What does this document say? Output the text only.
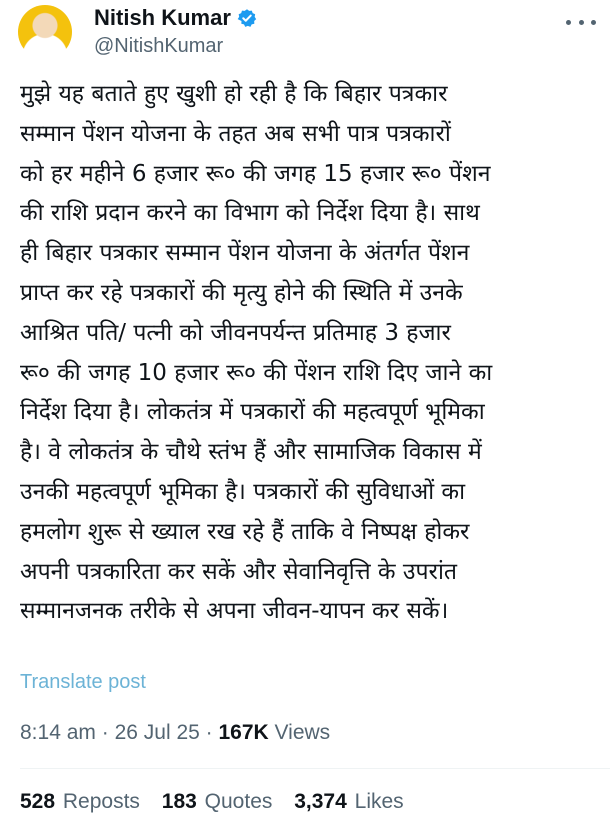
Nitish Kumar
@NitishKumar

मुझे यह बताते हुए खुशी हो रही है कि बिहार पत्रकार
सम्मान पेंशन योजना के तहत अब सभी पात्र पत्रकारों
को हर महीने 6 हजार रू० की जगह 15 हजार रू० पेंशन
की राशि प्रदान करने का विभाग को निर्देश दिया है। साथ
ही बिहार पत्रकार सम्मान पेंशन योजना के अंतर्गत पेंशन
प्राप्त कर रहे पत्रकारों की मृत्यु होने की स्थिति में उनके
आश्रित पति/ पत्नी को जीवनपर्यन्त प्रतिमाह 3 हजार
रू० की जगह 10 हजार रू० की पेंशन राशि दिए जाने का
निर्देश दिया है। लोकतंत्र में पत्रकारों की महत्वपूर्ण भूमिका
है। वे लोकतंत्र के चौथे स्तंभ हैं और सामाजिक विकास में
उनकी महत्वपूर्ण भूमिका है। पत्रकारों की सुविधाओं का
हमलोग शुरू से ख्याल रख रहे हैं ताकि वे निष्पक्ष होकर
अपनी पत्रकारिता कर सकें और सेवानिवृत्ति के उपरांत
सम्मानजनक तरीके से अपना जीवन-यापन कर सकें।

Translate post
8:14 am · 26 Jul 25 · 167K Views
528 Reposts 183 Quotes 3,374 Likes
